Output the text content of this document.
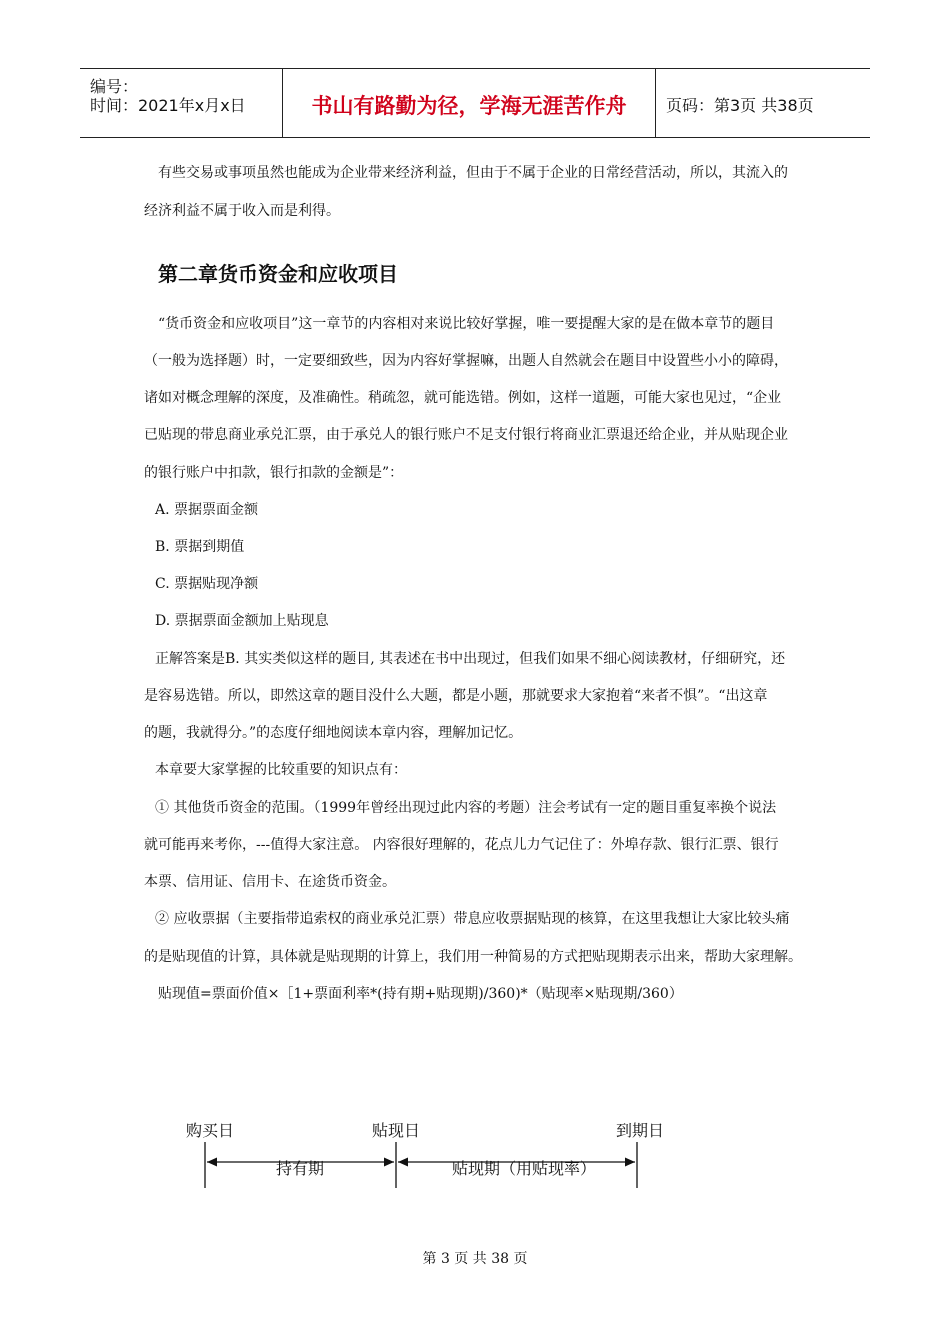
编号：
时间：2021年x月x日	书山有路勤为径，学海无涯苦作舟	页码：第3页 共38页
有些交易或事项虽然也能成为企业带来经济利益，但由于不属于企业的日常经营活动，所以，其流入的
经济利益不属于收入而是利得。
第二章货币资金和应收项目
“货币资金和应收项目”这一章节的内容相对来说比较好掌握，唯一要提醒大家的是在做本章节的题目
（一般为选择题）时，一定要细致些，因为内容好掌握嘛，出题人自然就会在题目中设置些小小的障碍，
诸如对概念理解的深度，及准确性。稍疏忽，就可能选错。例如，这样一道题，可能大家也见过，“企业
已贴现的带息商业承兑汇票，由于承兑人的银行账户不足支付银行将商业汇票退还给企业，并从贴现企业
的银行账户中扣款，银行扣款的金额是”：
A. 票据票面金额
B. 票据到期值
C. 票据贴现净额
D. 票据票面金额加上贴现息
正解答案是B. 其实类似这样的题目, 其表述在书中出现过，但我们如果不细心阅读教材，仔细研究，还
是容易选错。所以，即然这章的题目没什么大题，都是小题，那就要求大家抱着“来者不惧”。“出这章
的题，我就得分。”的态度仔细地阅读本章内容，理解加记忆。
本章要大家掌握的比较重要的知识点有：
① 其他货币资金的范围。（1999年曾经出现过此内容的考题）注会考试有一定的题目重复率换个说法
就可能再来考你，---值得大家注意。 内容很好理解的，花点儿力气记住了：外埠存款、银行汇票、银行
本票、信用证、信用卡、在途货币资金。
② 应收票据（主要指带追索权的商业承兑汇票）带息应收票据贴现的核算，在这里我想让大家比较头痛
的是贴现值的计算，具体就是贴现期的计算上，我们用一种简易的方式把贴现期表示出来，帮助大家理解。
贴现值=票面价值×［1+票面利率*(持有期+贴现期)/360)*（贴现率×贴现期/360）
购买日	贴现日	到期日
持有期	贴现期（用贴现率）
第 3 页 共 38 页
